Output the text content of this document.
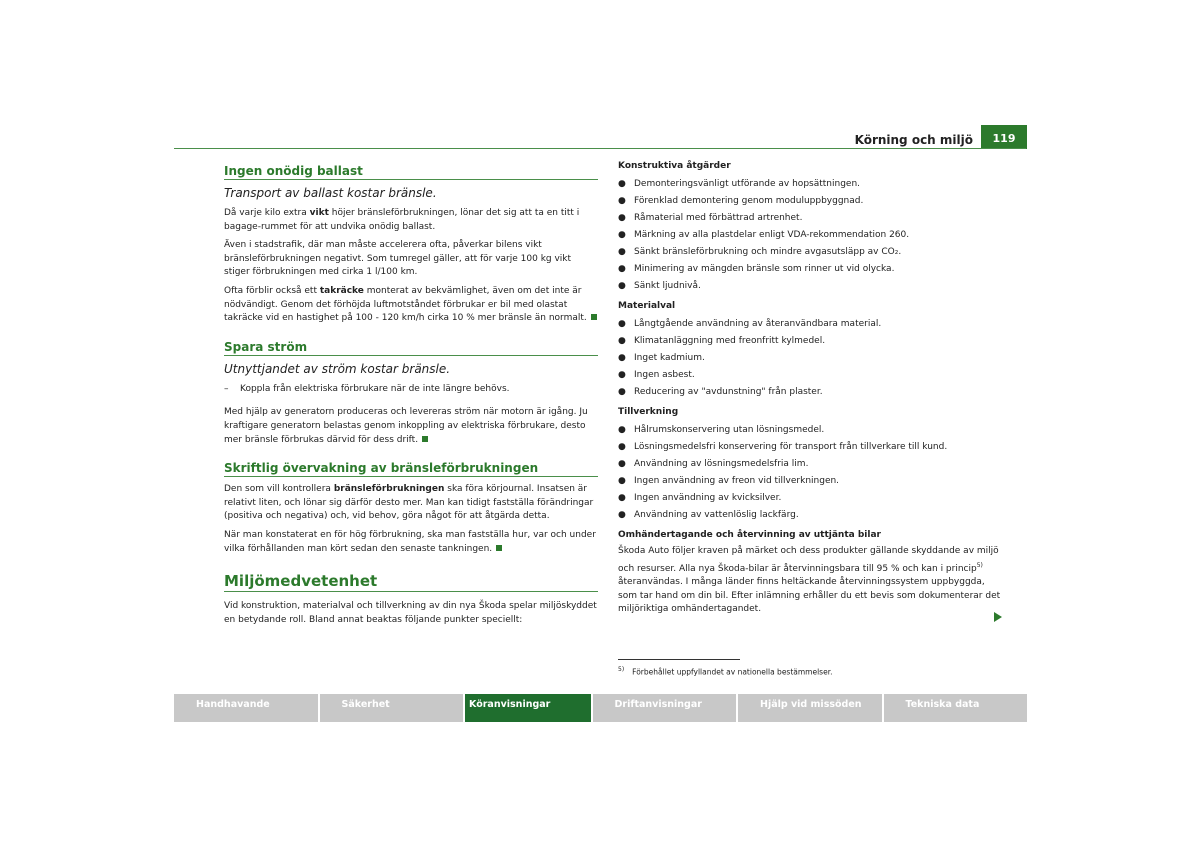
Körning och miljö	119
Ingen onödig ballast
Transport av ballast kostar bränsle.

Då varje kilo extra vikt höjer bränsleförbrukningen, lönar det sig att ta en titt i bagage-rummet för att undvika onödig ballast.

Även i stadstrafik, där man måste accelerera ofta, påverkar bilens vikt bränsleförbrukningen negativt. Som tumregel gäller, att för varje 100 kg vikt stiger förbrukningen med cirka 1 l/100 km.

Ofta förblir också ett takräcke monterat av bekvämlighet, även om det inte är nödvändigt. Genom det förhöjda luftmotståndet förbrukar er bil med olastat takräcke vid en hastighet på 100 - 120 km/h cirka 10 % mer bränsle än normalt.

Spara ström
Utnyttjandet av ström kostar bränsle.
–	Koppla från elektriska förbrukare när de inte längre behövs.

Med hjälp av generatorn produceras och levereras ström när motorn är igång. Ju kraftigare generatorn belastas genom inkoppling av elektriska förbrukare, desto mer bränsle förbrukas därvid för dess drift.

Skriftlig övervakning av bränsleförbrukningen

Den som vill kontrollera bränsleförbrukningen ska föra körjournal. Insatsen är relativt liten, och lönar sig därför desto mer. Man kan tidigt fastställa förändringar (positiva och negativa) och, vid behov, göra något för att åtgärda detta.

När man konstaterat en för hög förbrukning, ska man fastställa hur, var och under vilka förhållanden man kört sedan den senaste tankningen.

Miljömedvetenhet

Vid konstruktion, materialval och tillverkning av din nya Škoda spelar miljöskyddet en betydande roll. Bland annat beaktas följande punkter speciellt:

Konstruktiva åtgärder
● Demonteringsvänligt utförande av hopsättningen.
● Förenklad demontering genom moduluppbyggnad.
● Råmaterial med förbättrad artrenhet.
● Märkning av alla plastdelar enligt VDA-rekommendation 260.
● Sänkt bränsleförbrukning och mindre avgasutsläpp av CO₂.
● Minimering av mängden bränsle som rinner ut vid olycka.
● Sänkt ljudnivå.
Materialval
● Långtgående användning av återanvändbara material.
● Klimatanläggning med freonfritt kylmedel.
● Inget kadmium.
● Ingen asbest.
● Reducering av "avdunstning" från plaster.
Tillverkning
● Hålrumskonservering utan lösningsmedel.
● Lösningsmedelsfri konservering för transport från tillverkare till kund.
● Användning av lösningsmedelsfria lim.
● Ingen användning av freon vid tillverkningen.
● Ingen användning av kvicksilver.
● Användning av vattenlöslig lackfärg.
Omhändertagande och återvinning av uttjänta bilar

Škoda Auto följer kraven på märket och dess produkter gällande skyddande av miljö och resurser. Alla nya Škoda-bilar är återvinningsbara till 95 % och kan i princip$^{5)}$ återanvändas. I många länder finns heltäckande återvinningssystem uppbyggda, som tar hand om din bil. Efter inlämning erhåller du ett bevis som dokumenterar det miljöriktiga omhändertagandet.

$^{5)}$ Förbehållet uppfyllandet av nationella bestämmelser.
Handhavande	Säkerhet	Köranvisningar	Driftanvisningar	Hjälp vid missöden	Tekniska data
